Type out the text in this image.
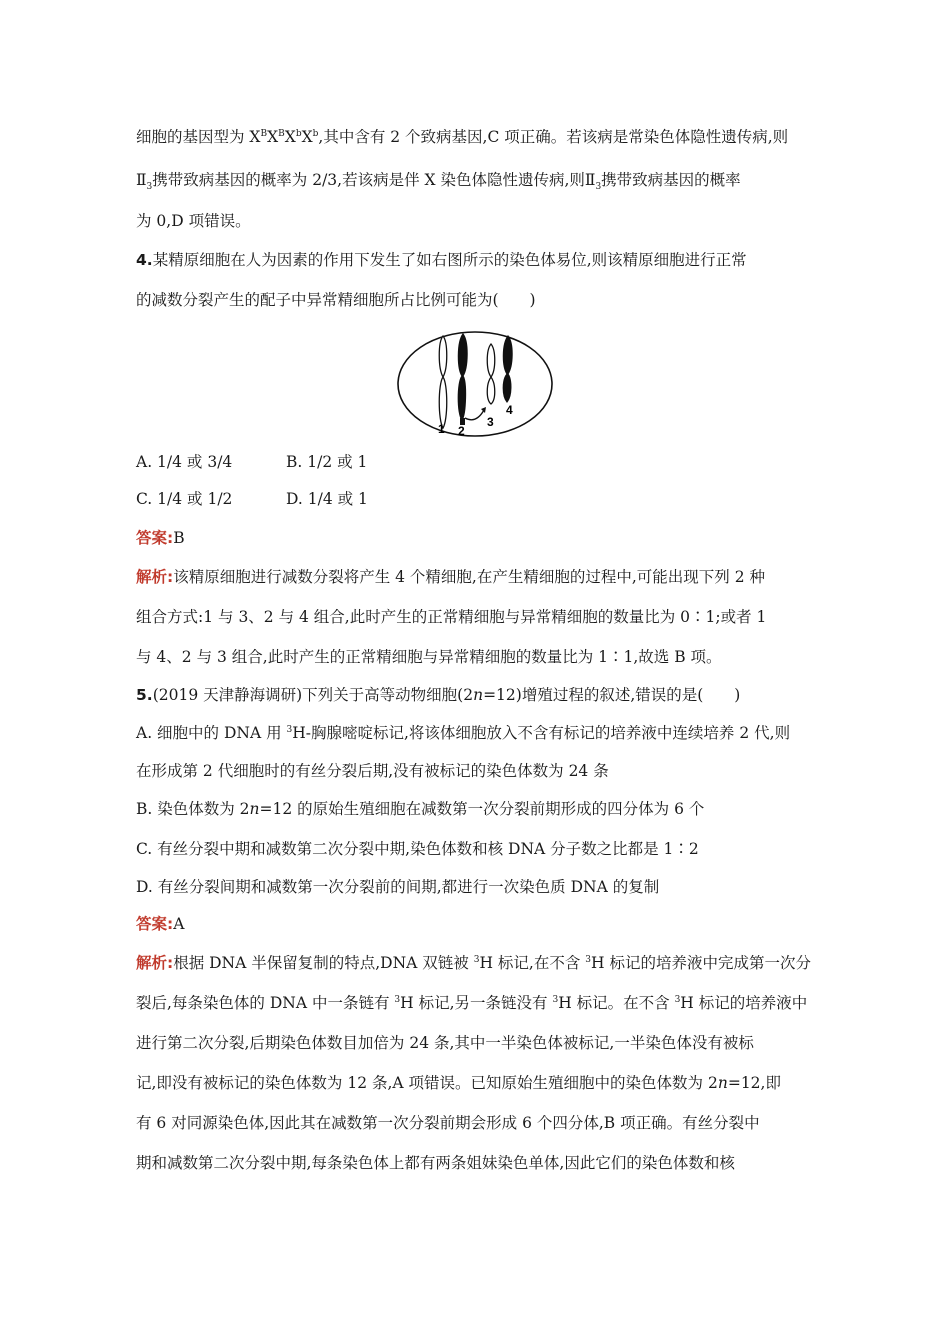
细胞的基因型为 $X^BX^BX^bX^b$,其中含有 2 个致病基因,C 项正确。若该病是常染色体隐性遗传病,则
$Ⅱ_3$携带致病基因的概率为 2/3,若该病是伴 X 染色体隐性遗传病,则$Ⅱ_3$携带致病基因的概率
为 0,D 项错误。
4.某精原细胞在人为因素的作用下发生了如右图所示的染色体易位,则该精原细胞进行正常
的减数分裂产生的配子中异常精细胞所占比例可能为(　　)
1 2
3
4
A. 1/4 或 3/4	B. 1/2 或 1
C. 1/4 或 1/2	D. 1/4 或 1
答案:B
解析:该精原细胞进行减数分裂将产生 4 个精细胞,在产生精细胞的过程中,可能出现下列 2 种
组合方式:1 与 3、2 与 4 组合,此时产生的正常精细胞与异常精细胞的数量比为 0∶1;或者 1
与 4、2 与 3 组合,此时产生的正常精细胞与异常精细胞的数量比为 1∶1,故选 B 项。
5.(2019 天津静海调研)下列关于高等动物细胞(2n=12)增殖过程的叙述,错误的是(　　)
A. 细胞中的 DNA 用 $^3$H-胸腺嘧啶标记,将该体细胞放入不含有标记的培养液中连续培养 2 代,则
在形成第 2 代细胞时的有丝分裂后期,没有被标记的染色体数为 24 条
B. 染色体数为 2n=12 的原始生殖细胞在减数第一次分裂前期形成的四分体为 6 个
C. 有丝分裂中期和减数第二次分裂中期,染色体数和核 DNA 分子数之比都是 1∶2
D. 有丝分裂间期和减数第一次分裂前的间期,都进行一次染色质 DNA 的复制
答案:A
解析:根据 DNA 半保留复制的特点,DNA 双链被 $^3$H 标记,在不含 $^3$H 标记的培养液中完成第一次分
裂后,每条染色体的 DNA 中一条链有 $^3$H 标记,另一条链没有 $^3$H 标记。在不含 $^3$H 标记的培养液中
进行第二次分裂,后期染色体数目加倍为 24 条,其中一半染色体被标记,一半染色体没有被标
记,即没有被标记的染色体数为 12 条,A 项错误。已知原始生殖细胞中的染色体数为 2n=12,即
有 6 对同源染色体,因此其在减数第一次分裂前期会形成 6 个四分体,B 项正确。有丝分裂中
期和减数第二次分裂中期,每条染色体上都有两条姐妹染色单体,因此它们的染色体数和核
